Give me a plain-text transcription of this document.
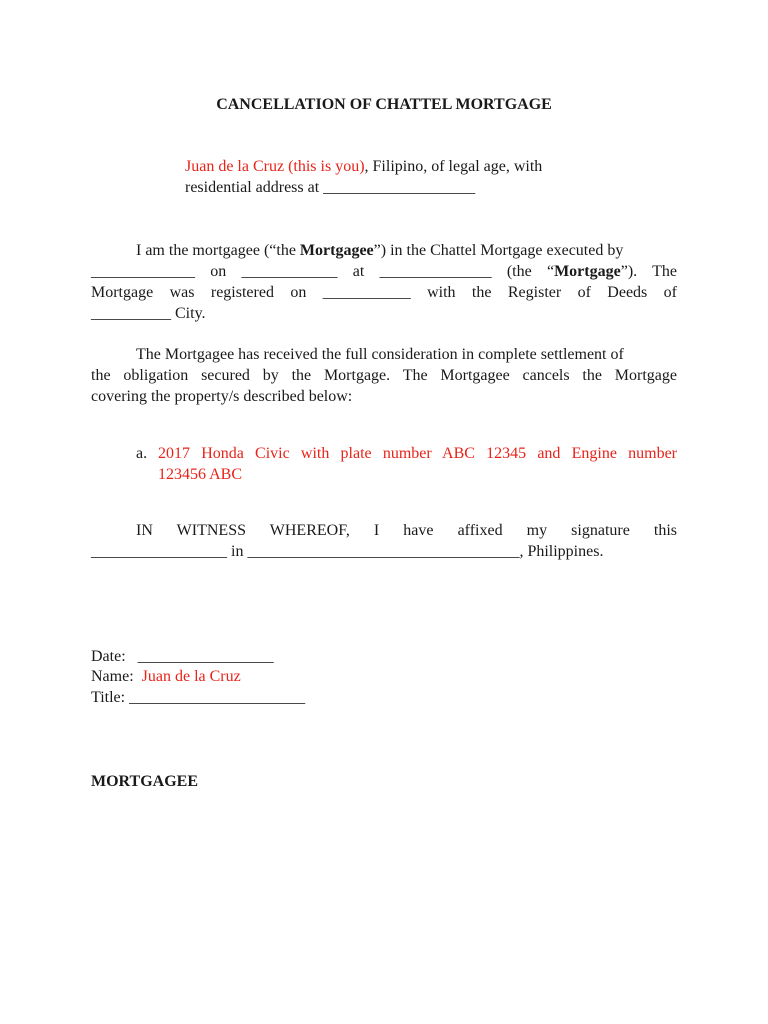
CANCELLATION OF CHATTEL MORTGAGE
Juan de la Cruz (this is you), Filipino, of legal age, with
residential address at ___________________
I am the mortgagee (“the Mortgagee”) in the Chattel Mortgage executed by
_____________ on ____________ at ______________ (the “Mortgage”). The
Mortgage was registered on ___________ with the Register of Deeds of
__________ City.
The Mortgagee has received the full consideration in complete settlement of
the obligation secured by the Mortgage. The Mortgagee cancels the Mortgage
covering the property/s described below:
a. 2017 Honda Civic with plate number ABC 12345 and Engine number
123456 ABC
IN WITNESS WHEREOF, I have affixed my signature this
_________________ in __________________________________, Philippines.
Date: _________________
Name: Juan de la Cruz
Title: ______________________
MORTGAGEE
